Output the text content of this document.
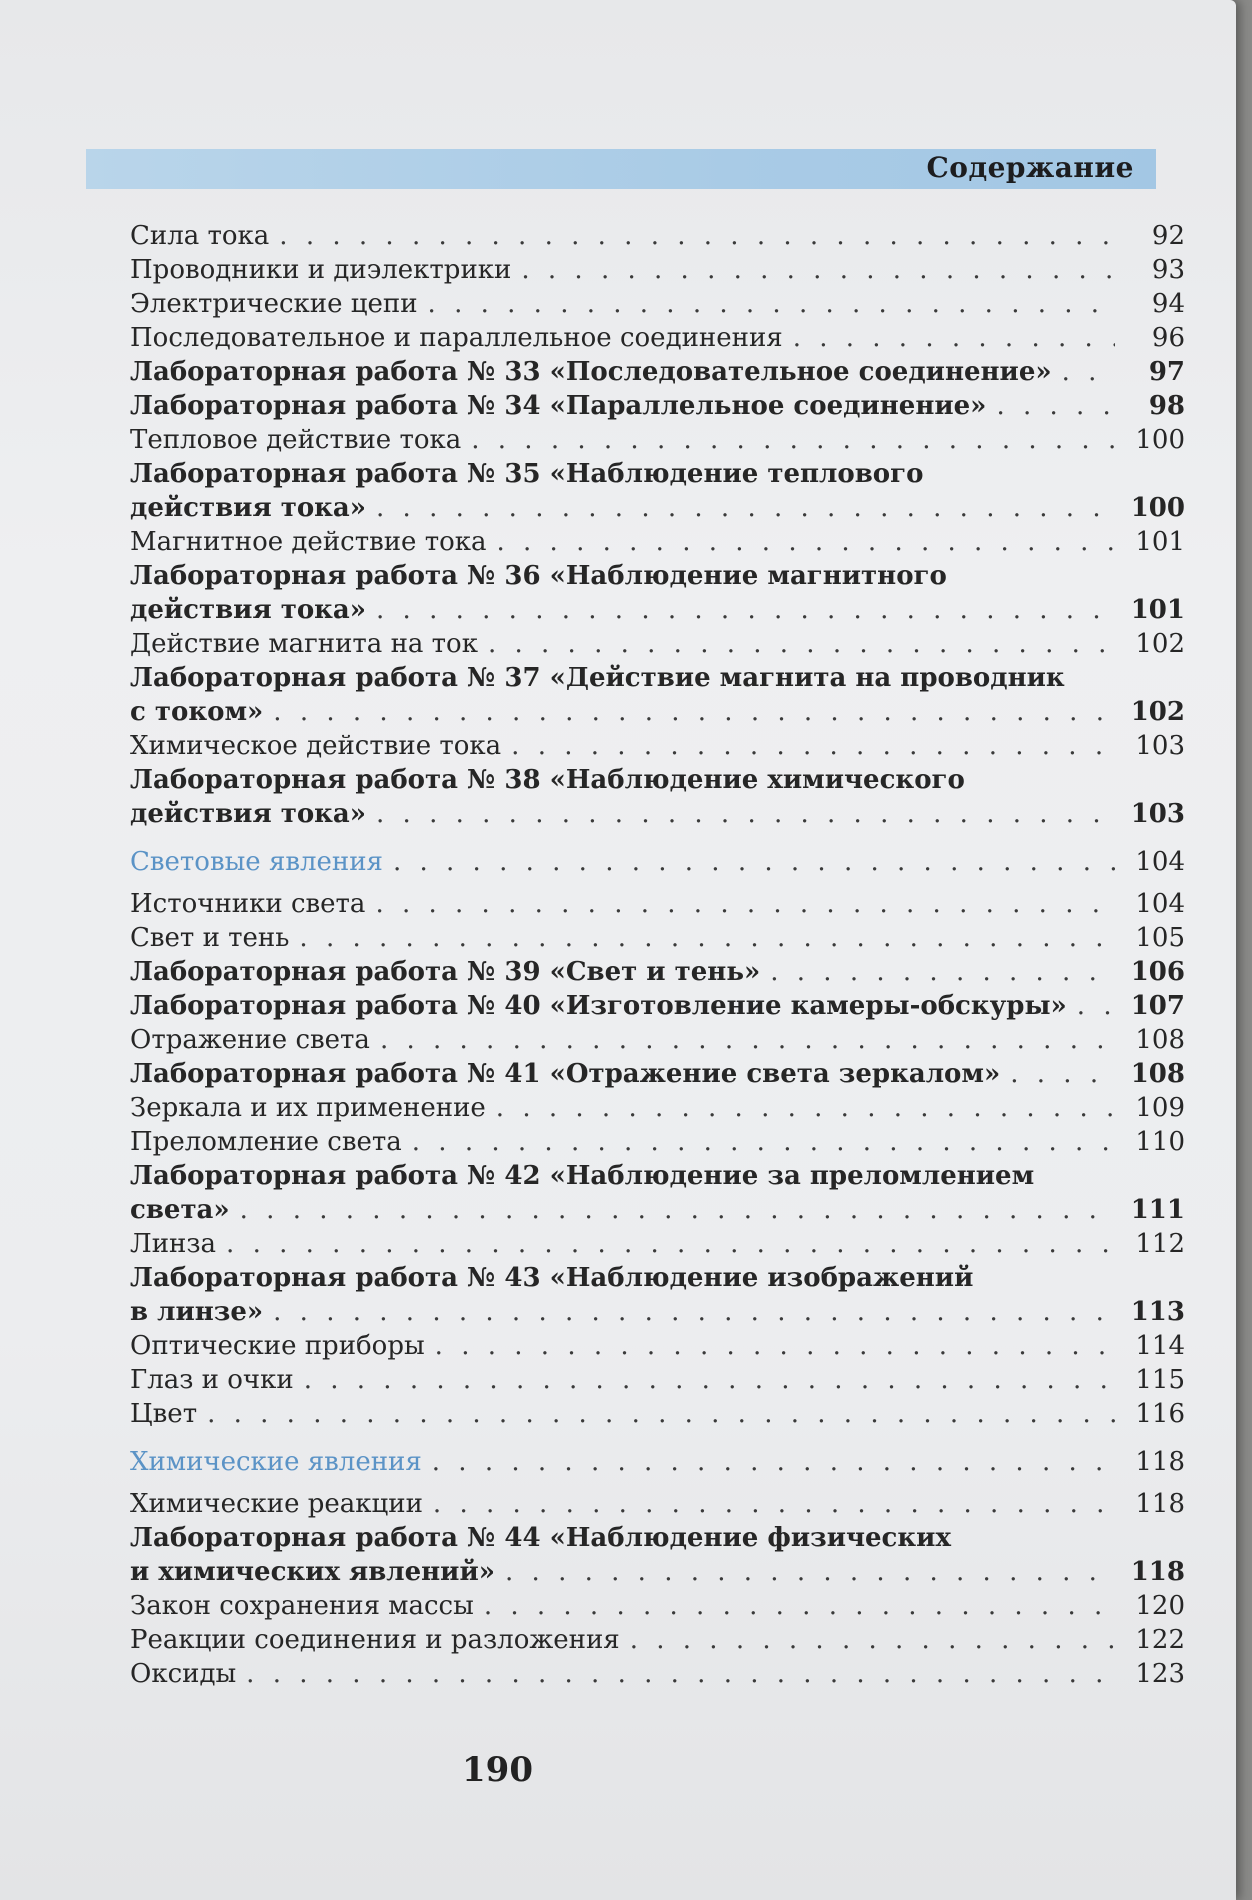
Содержание
Сила тока . . .	92
Проводники и диэлектрики . . .	93
Электрические цепи . . .	94
Последовательное и параллельное соединения . . .	96
Лабораторная работа № 33
«Последовательное соединение» . . .	97
Лабораторная работа № 34
«Параллельное соединение» . . .	98
Тепловое действие тока . . .	100
Лабораторная работа № 35
«Наблюдение теплового
действия тока» . . .	100
Магнитное действие тока . . .	101
Лабораторная работа № 36
«Наблюдение магнитного
действия тока» . . .	101
Действие магнита на ток . . .	102
Лабораторная работа № 37
«Действие магнита на проводник
с током» . . .	102
Химическое действие тока . . .	103
Лабораторная работа № 38
«Наблюдение химического
действия тока» . . .	103
Световые явления . . .	104
Источники света . . .	104
Свет и тень . . .	105
Лабораторная работа № 39
«Свет и тень» . . .	106
Лабораторная работа № 40
«Изготовление камеры-обскуры» . . . 107
Отражение света . . .	108
Лабораторная работа № 41
«Отражение света зеркалом» . . .	108
Зеркала и их применение . . .	109
Преломление света . . .	110
Лабораторная работа № 42
«Наблюдение за преломлением
света» . . .	111
Линза . . .	112
Лабораторная работа № 43
«Наблюдение изображений
в линзе» . . .	113
Оптические приборы . . .	114
Глаз и очки . . .	115
Цвет . . .	116
Химические явления . . .	118
Химические реакции . . .	118
Лабораторная работа № 44
«Наблюдение физических
и химических явлений» . . .	118
Закон сохранения массы . . .	120
Реакции соединения и разложения . . .	122
Оксиды . . .	123
190
